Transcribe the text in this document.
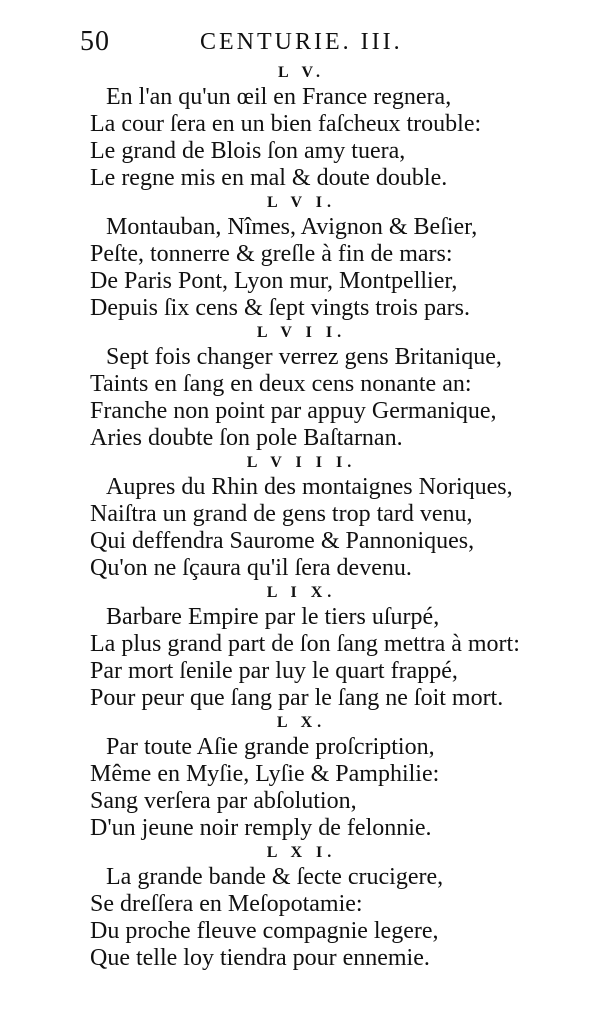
50	CENTURIE. III.
L V.
En l'an qu'un œil en France regnera,
La cour ſera en un bien faſcheux trouble:
Le grand de Blois ſon amy tuera,
Le regne mis en mal & doute double.
L V I.
Montauban, Nîmes, Avignon & Beſier,
Peſte, tonnerre & greſle à fin de mars:
De Paris Pont, Lyon mur, Montpellier,
Depuis ſix cens & ſept vingts trois pars.
L V I I.
Sept fois changer verrez gens Britanique,
Taints en ſang en deux cens nonante an:
Franche non point par appuy Germanique,
Aries doubte ſon pole Baſtarnan.
L V I I I.
Aupres du Rhin des montaignes Noriques,
Naiſtra un grand de gens trop tard venu,
Qui deffendra Saurome & Pannoniques,
Qu'on ne ſçaura qu'il ſera devenu.
L I X.
Barbare Empire par le tiers uſurpé,
La plus grand part de ſon ſang mettra à mort:
Par mort ſenile par luy le quart frappé,
Pour peur que ſang par le ſang ne ſoit mort.
L X.
Par toute Aſie grande proſcription,
Même en Myſie, Lyſie & Pamphilie:
Sang verſera par abſolution,
D'un jeune noir remply de felonnie.
L X I.
La grande bande & ſecte crucigere,
Se dreſſera en Meſopotamie:
Du proche fleuve compagnie legere,
Que telle loy tiendra pour ennemie.
